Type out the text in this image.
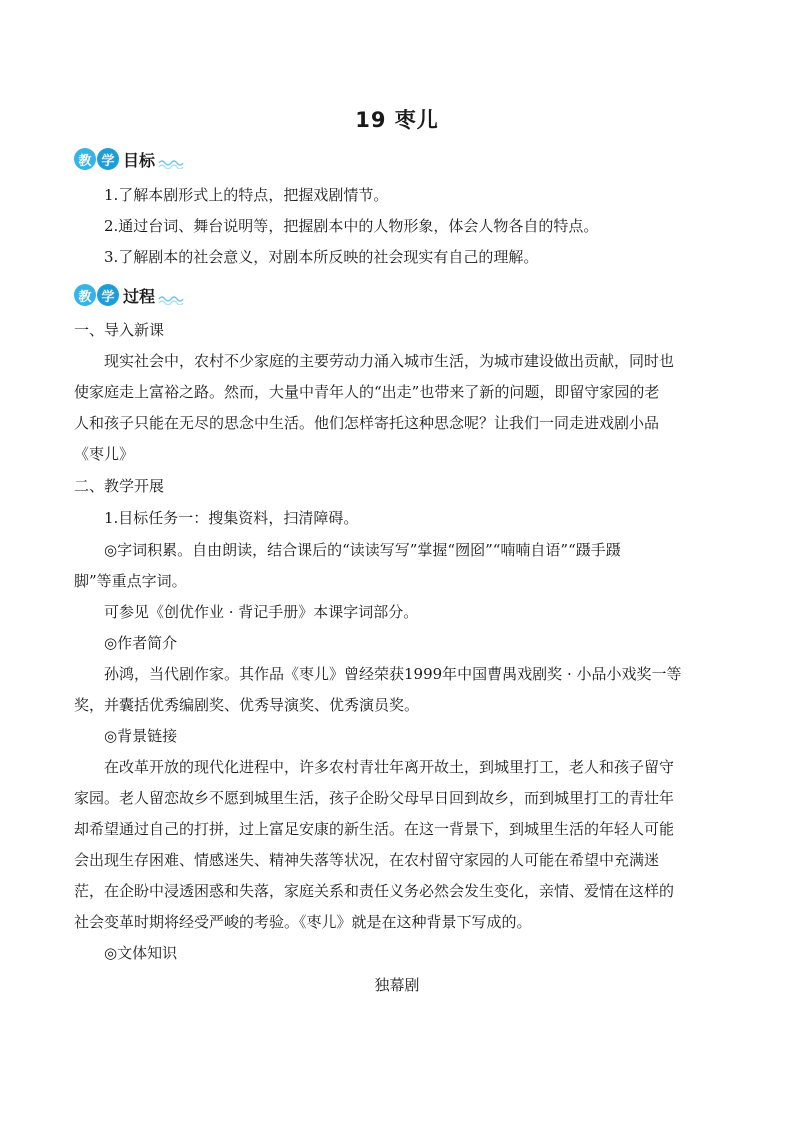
19 枣儿
教 学 目标
1.了解本剧形式上的特点，把握戏剧情节。
2.通过台词、舞台说明等，把握剧本中的人物形象，体会人物各自的特点。
3.了解剧本的社会意义，对剧本所反映的社会现实有自己的理解。
教 学 过程
一、导入新课
现实社会中，农村不少家庭的主要劳动力涌入城市生活，为城市建设做出贡献，同时也
使家庭走上富裕之路。然而，大量中青年人的“出走”也带来了新的问题，即留守家园的老
人和孩子只能在无尽的思念中生活。他们怎样寄托这种思念呢？让我们一同走进戏剧小品
《枣儿》
二、教学开展
1.目标任务一：搜集资料，扫清障碍。
◎字词积累。自由朗读，结合课后的“读读写写”掌握“囫囵”“喃喃自语”“蹑手蹑
脚”等重点字词。
可参见《创优作业 · 背记手册》本课字词部分。
◎作者简介
孙鸿，当代剧作家。其作品《枣儿》曾经荣获1999年中国曹禺戏剧奖 · 小品小戏奖一等
奖，并囊括优秀编剧奖、优秀导演奖、优秀演员奖。
◎背景链接
在改革开放的现代化进程中，许多农村青壮年离开故土，到城里打工，老人和孩子留守
家园。老人留恋故乡不愿到城里生活，孩子企盼父母早日回到故乡，而到城里打工的青壮年
却希望通过自己的打拼，过上富足安康的新生活。在这一背景下，到城里生活的年轻人可能
会出现生存困难、情感迷失、精神失落等状况，在农村留守家园的人可能在希望中充满迷
茫，在企盼中浸透困惑和失落，家庭关系和责任义务必然会发生变化，亲情、爱情在这样的
社会变革时期将经受严峻的考验。《枣儿》就是在这种背景下写成的。
◎文体知识
独幕剧
